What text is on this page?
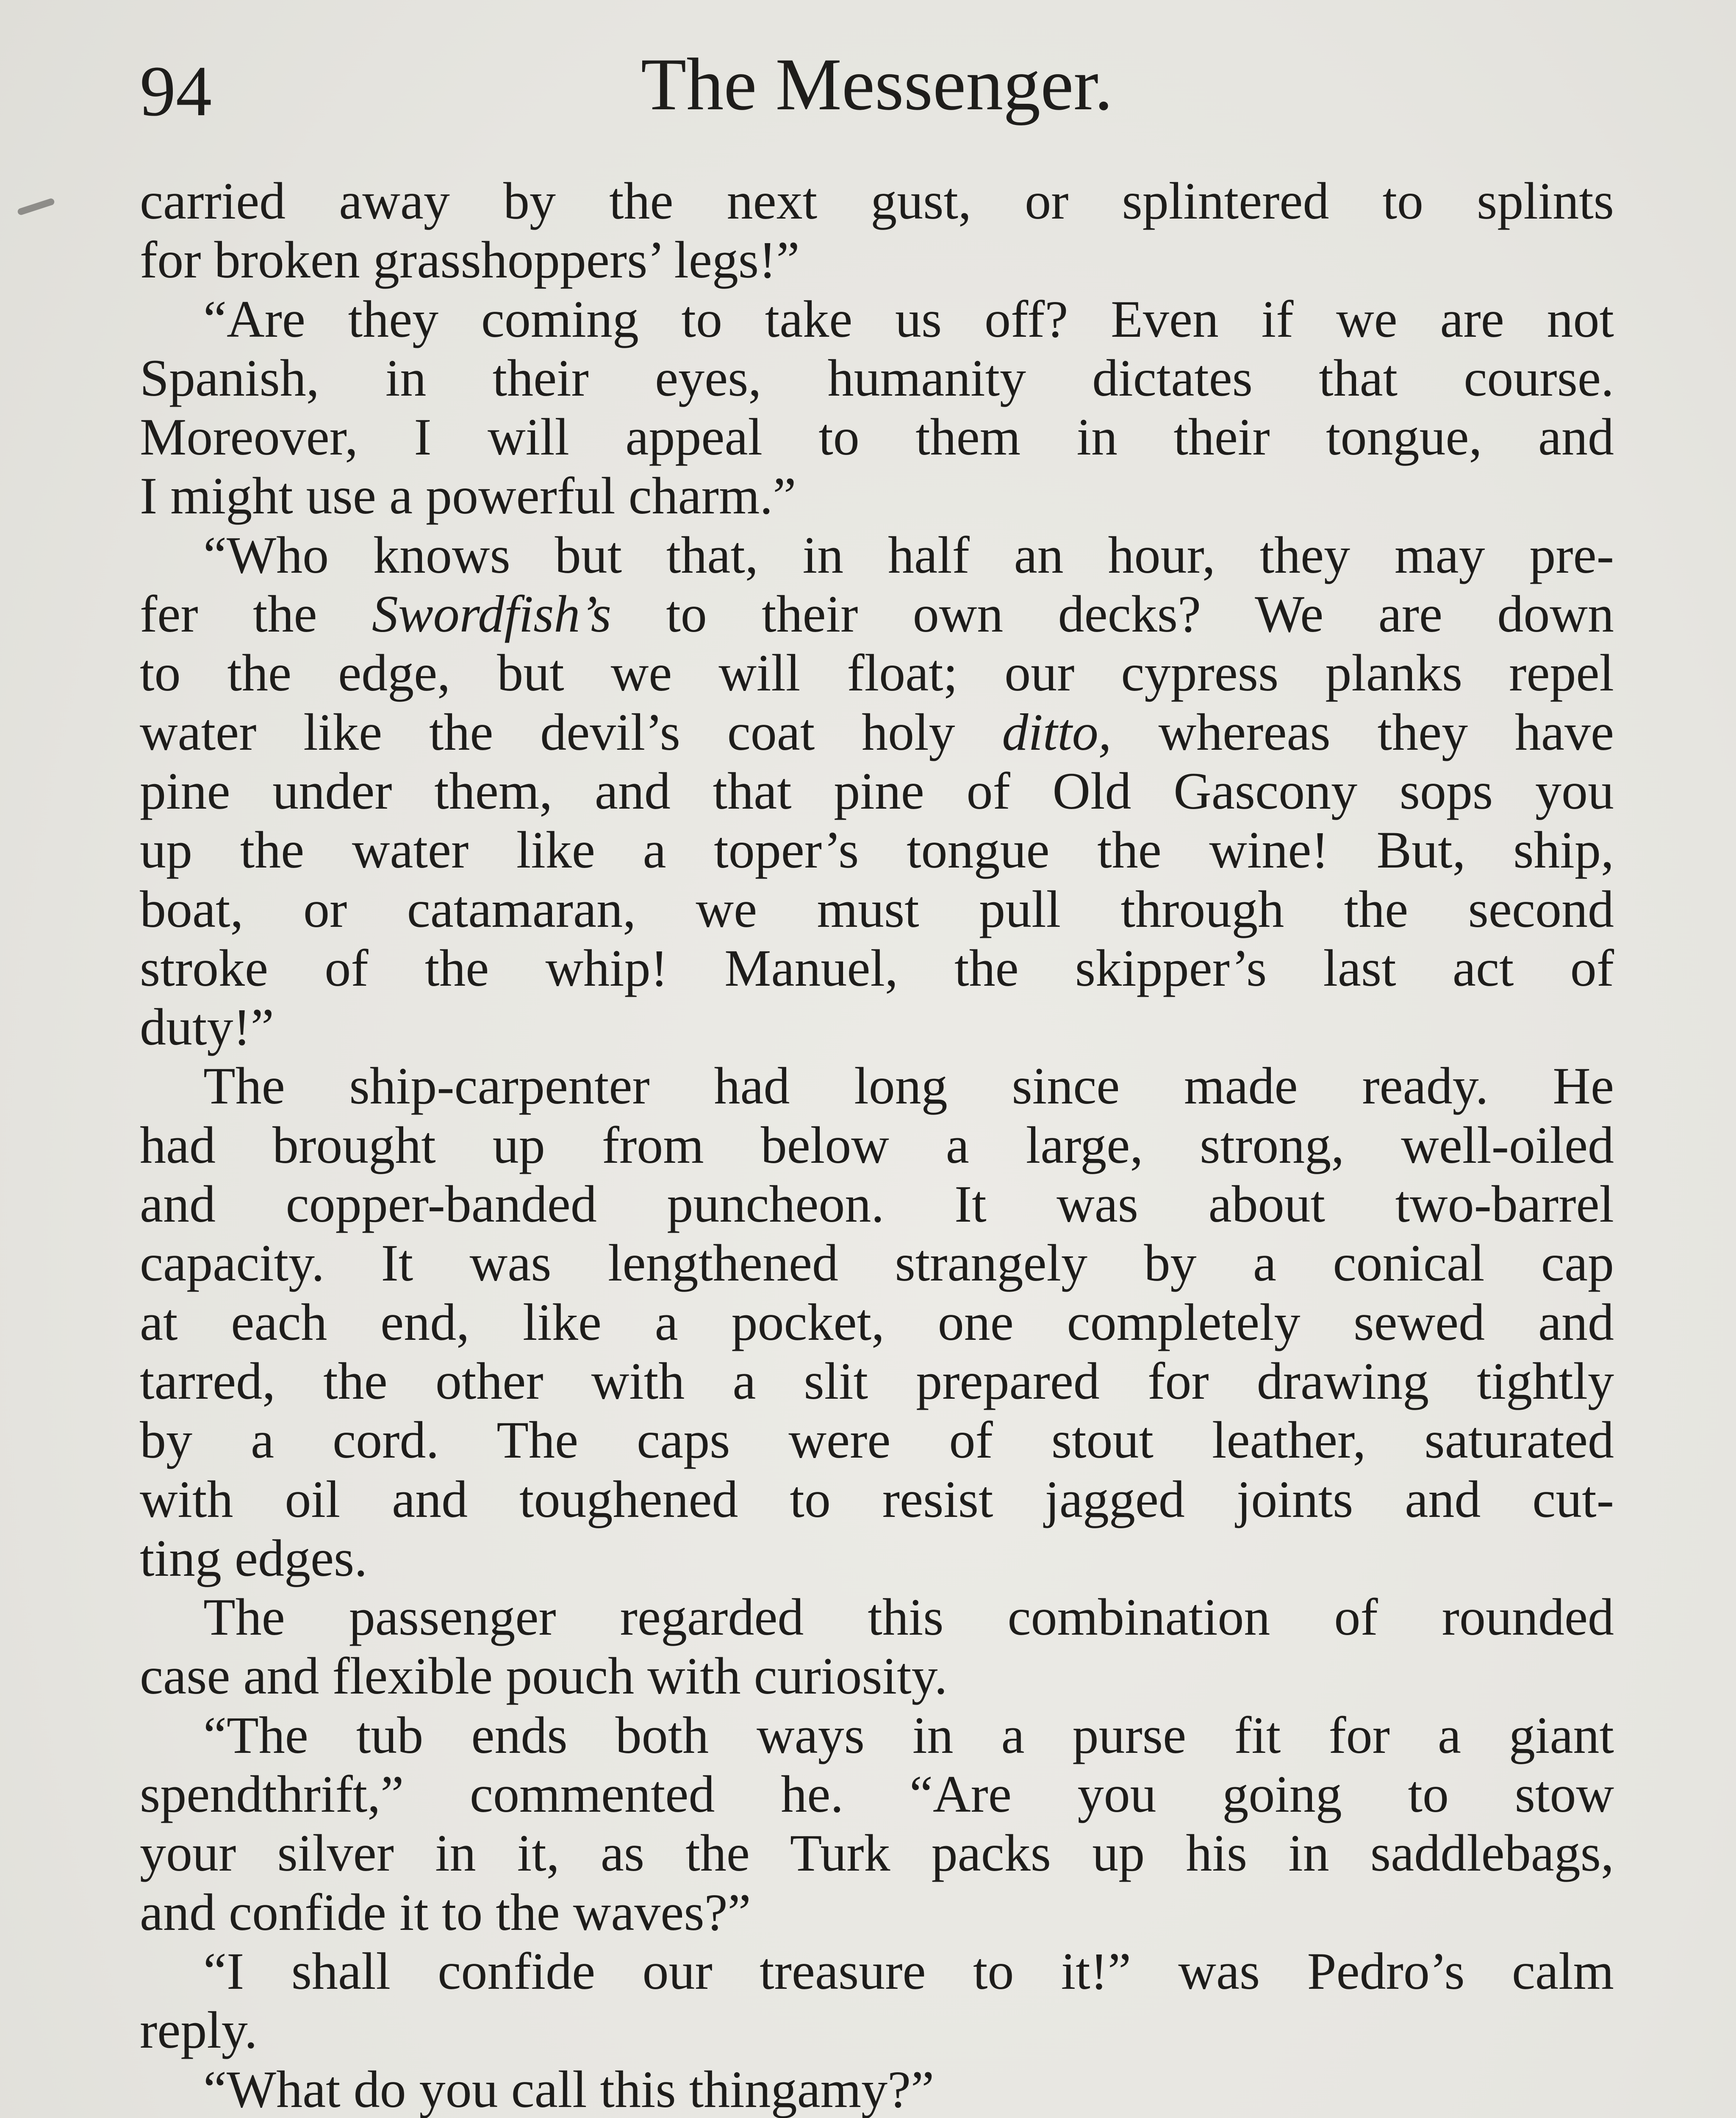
94	The Messenger.
carried away by the next gust, or splintered to splints
for broken grasshoppers’ legs!”
“Are they coming to take us off? Even if we are not
Spanish, in their eyes, humanity dictates that course.
Moreover, I will appeal to them in their tongue, and
I might use a powerful charm.”
“Who knows but that, in half an hour, they may pre-
fer the Swordfish’s to their own decks? We are down
to the edge, but we will float; our cypress planks repel
water like the devil’s coat holy ditto, whereas they have
pine under them, and that pine of Old Gascony sops you
up the water like a toper’s tongue the wine! But, ship,
boat, or catamaran, we must pull through the second
stroke of the whip! Manuel, the skipper’s last act of
duty!”
The ship-carpenter had long since made ready. He
had brought up from below a large, strong, well-oiled
and copper-banded puncheon. It was about two-barrel
capacity. It was lengthened strangely by a conical cap
at each end, like a pocket, one completely sewed and
tarred, the other with a slit prepared for drawing tightly
by a cord. The caps were of stout leather, saturated
with oil and toughened to resist jagged joints and cut-
ting edges.
The passenger regarded this combination of rounded
case and flexible pouch with curiosity.
“The tub ends both ways in a purse fit for a giant
spendthrift,” commented he. “Are you going to stow
your silver in it, as the Turk packs up his in saddlebags,
and confide it to the waves?”
“I shall confide our treasure to it!” was Pedro’s calm
reply.
“What do you call this thingamy?”
